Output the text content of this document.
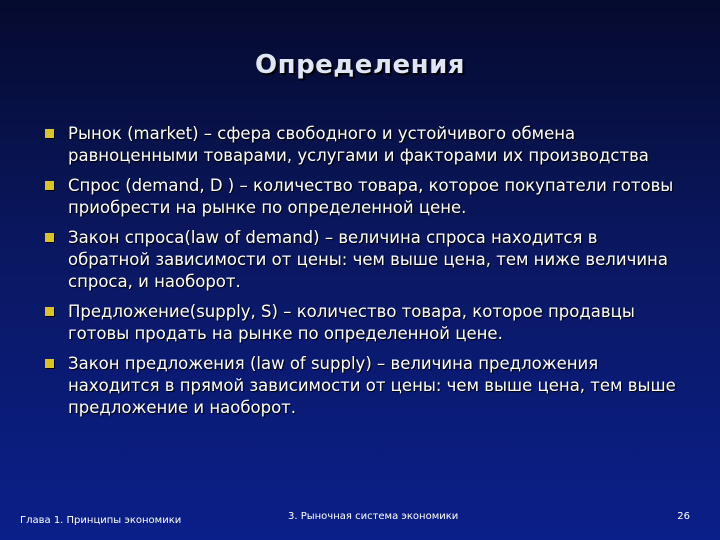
Определения
Рынок (market) – сфера свободного и устойчивого обмена равноценными товарами, услугами и факторами их производства
Спрос (demand, D ) – количество товара, которое покупатели готовы приобрести на рынке по определенной цене.
Закон спроса(law of demand) – величина спроса находится в обратной зависимости от цены: чем выше цена, тем ниже величина спроса, и наоборот.
Предложение(supply, S) – количество товара, которое продавцы готовы продать на рынке по определенной цене.
Закон предложения (law of supply) – величина предложения находится в прямой зависимости от цены: чем выше цена, тем выше предложение и наоборот.
Глава 1. Принципы экономики	3. Рыночная система экономики	26
